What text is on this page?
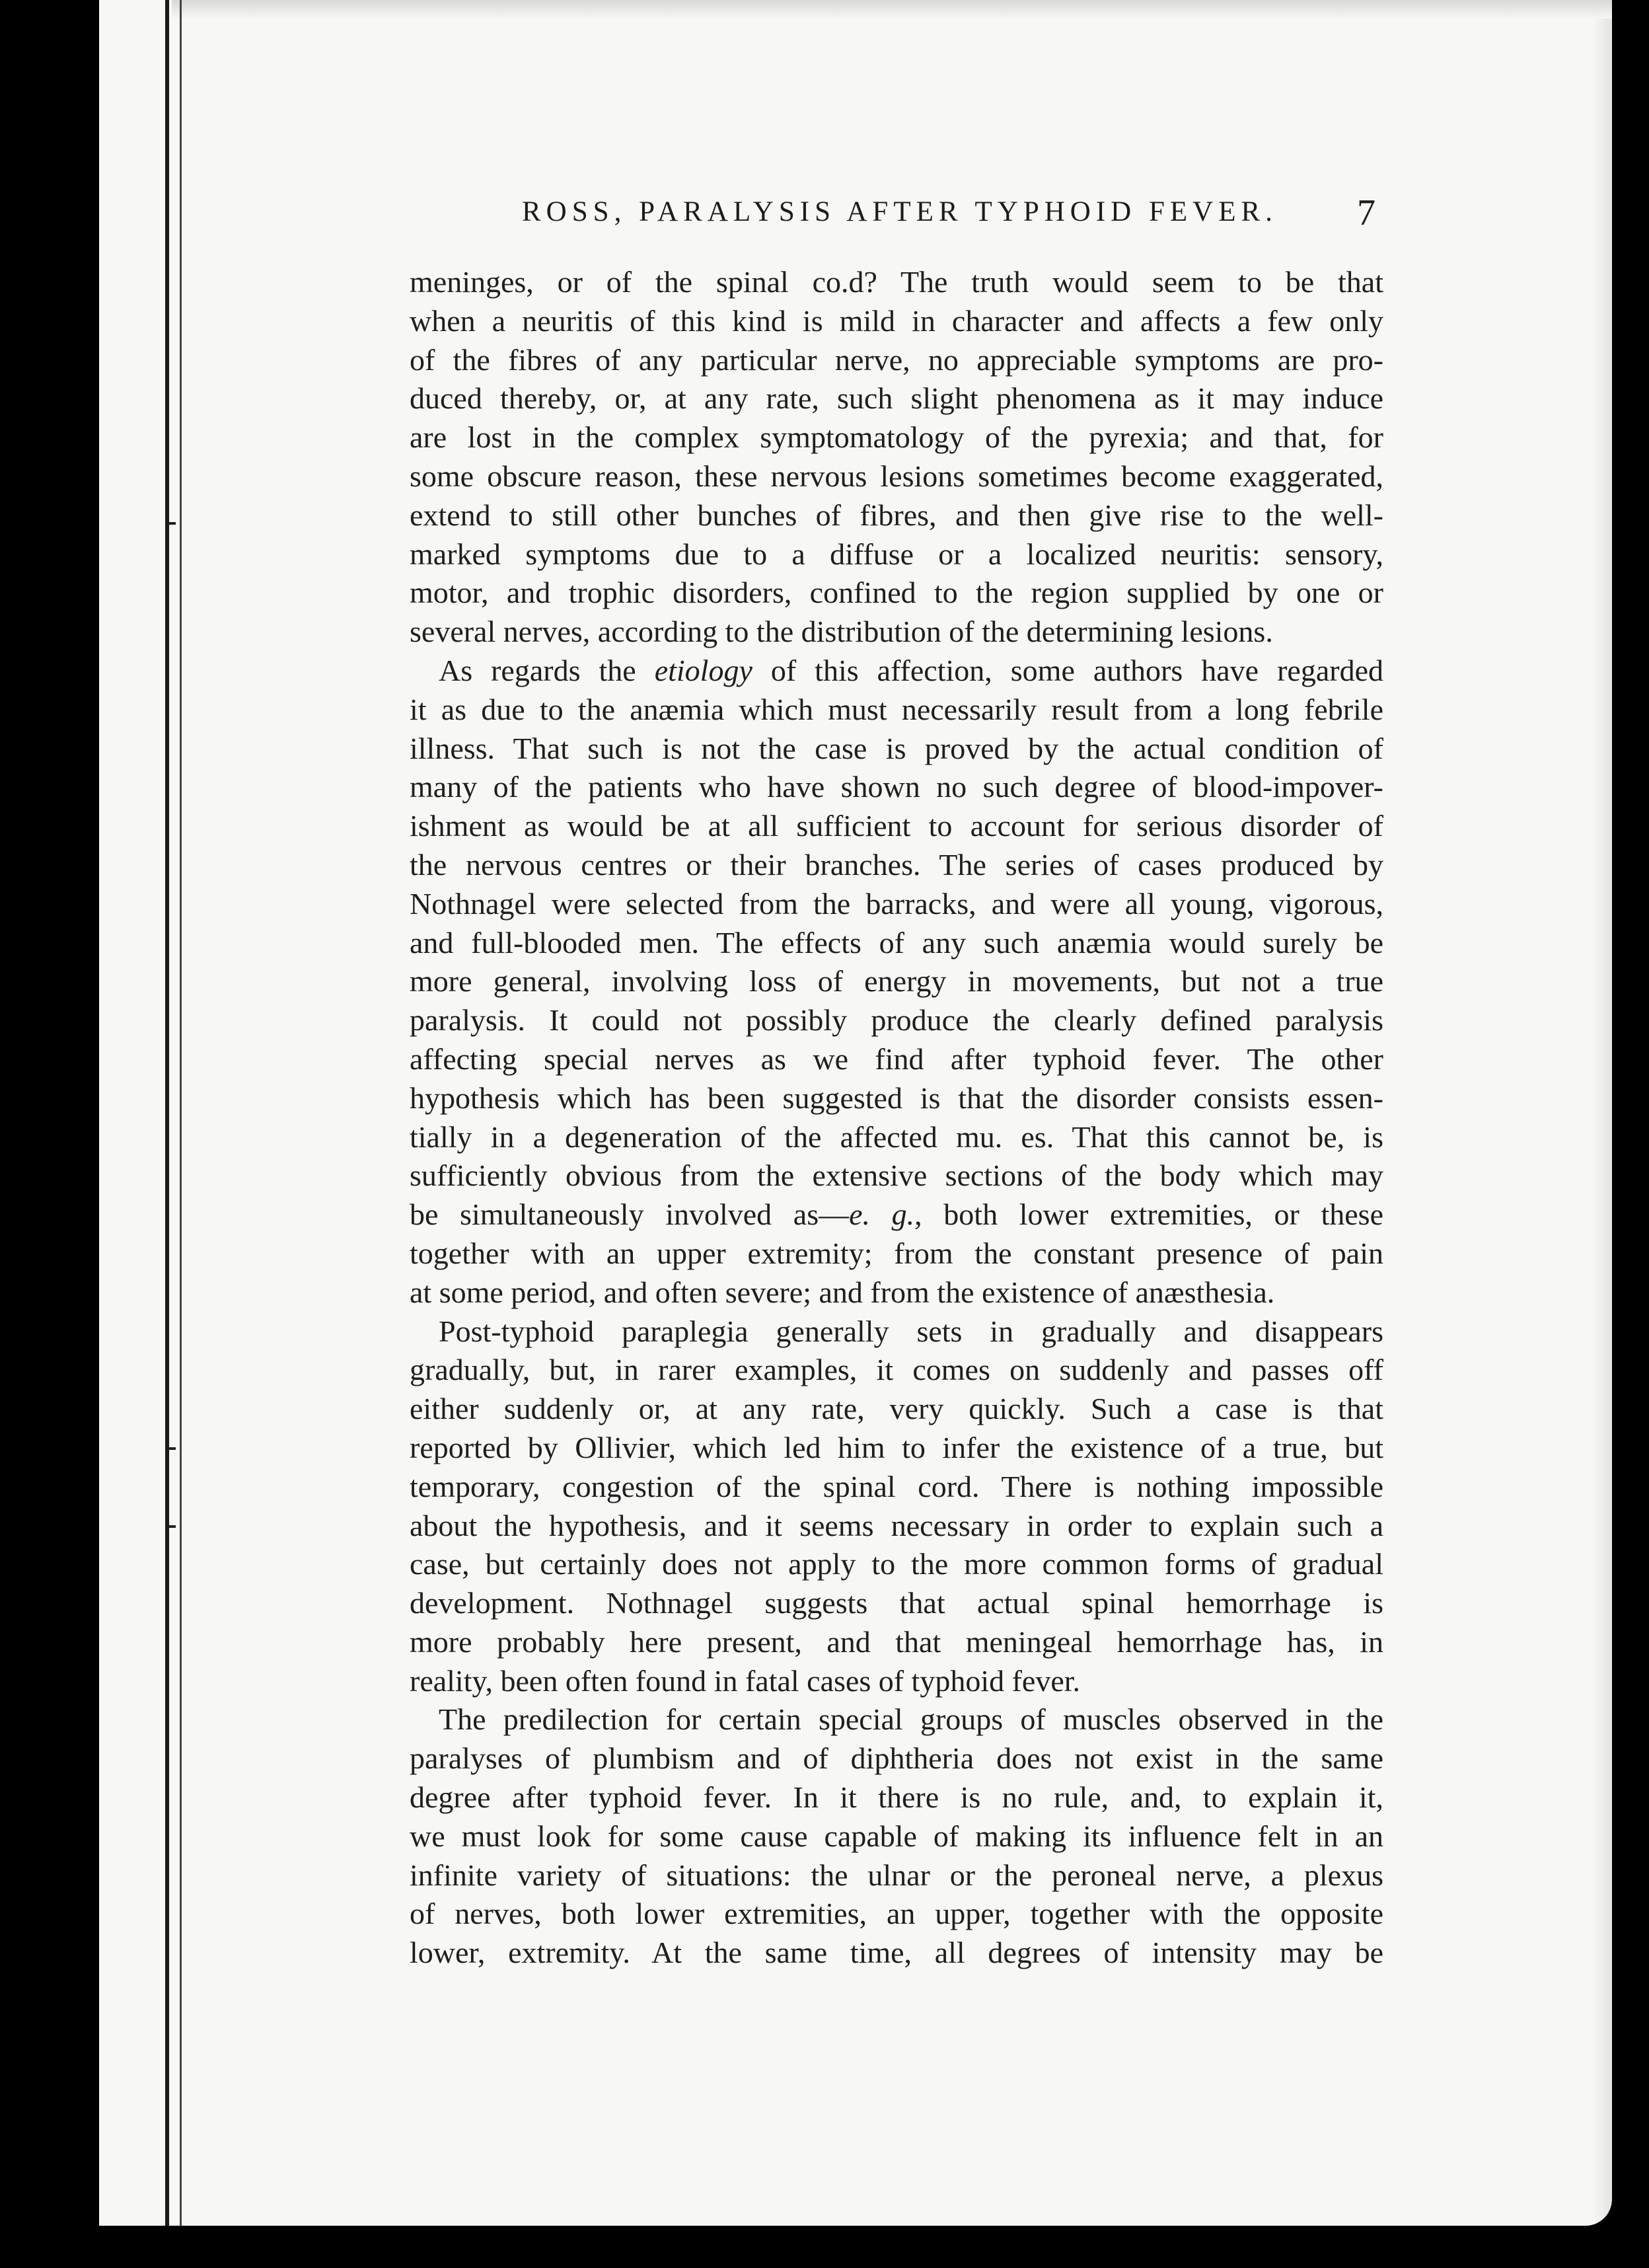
ROSS, PARALYSIS AFTER TYPHOID FEVER. 7
meninges, or of the spinal co.d? The truth would seem to be that
when a neuritis of this kind is mild in character and affects a few only
of the fibres of any particular nerve, no appreciable symptoms are pro-
duced thereby, or, at any rate, such slight phenomena as it may induce
are lost in the complex symptomatology of the pyrexia; and that, for
some obscure reason, these nervous lesions sometimes become exaggerated,
extend to still other bunches of fibres, and then give rise to the well-
marked symptoms due to a diffuse or a localized neuritis: sensory,
motor, and trophic disorders, confined to the region supplied by one or
several nerves, according to the distribution of the determining lesions.
As regards the etiology of this affection, some authors have regarded
it as due to the anæmia which must necessarily result from a long febrile
illness. That such is not the case is proved by the actual condition of
many of the patients who have shown no such degree of blood-impover-
ishment as would be at all sufficient to account for serious disorder of
the nervous centres or their branches. The series of cases produced by
Nothnagel were selected from the barracks, and were all young, vigorous,
and full-blooded men. The effects of any such anæmia would surely be
more general, involving loss of energy in movements, but not a true
paralysis. It could not possibly produce the clearly defined paralysis
affecting special nerves as we find after typhoid fever. The other
hypothesis which has been suggested is that the disorder consists essen-
tially in a degeneration of the affected mu. es. That this cannot be, is
sufficiently obvious from the extensive sections of the body which may
be simultaneously involved as—e. g., both lower extremities, or these
together with an upper extremity; from the constant presence of pain
at some period, and often severe; and from the existence of anæsthesia.
Post-typhoid paraplegia generally sets in gradually and disappears
gradually, but, in rarer examples, it comes on suddenly and passes off
either suddenly or, at any rate, very quickly. Such a case is that
reported by Ollivier, which led him to infer the existence of a true, but
temporary, congestion of the spinal cord. There is nothing impossible
about the hypothesis, and it seems necessary in order to explain such a
case, but certainly does not apply to the more common forms of gradual
development. Nothnagel suggests that actual spinal hemorrhage is
more probably here present, and that meningeal hemorrhage has, in
reality, been often found in fatal cases of typhoid fever.
The predilection for certain special groups of muscles observed in the
paralyses of plumbism and of diphtheria does not exist in the same
degree after typhoid fever. In it there is no rule, and, to explain it,
we must look for some cause capable of making its influence felt in an
infinite variety of situations: the ulnar or the peroneal nerve, a plexus
of nerves, both lower extremities, an upper, together with the opposite
lower, extremity. At the same time, all degrees of intensity may be
